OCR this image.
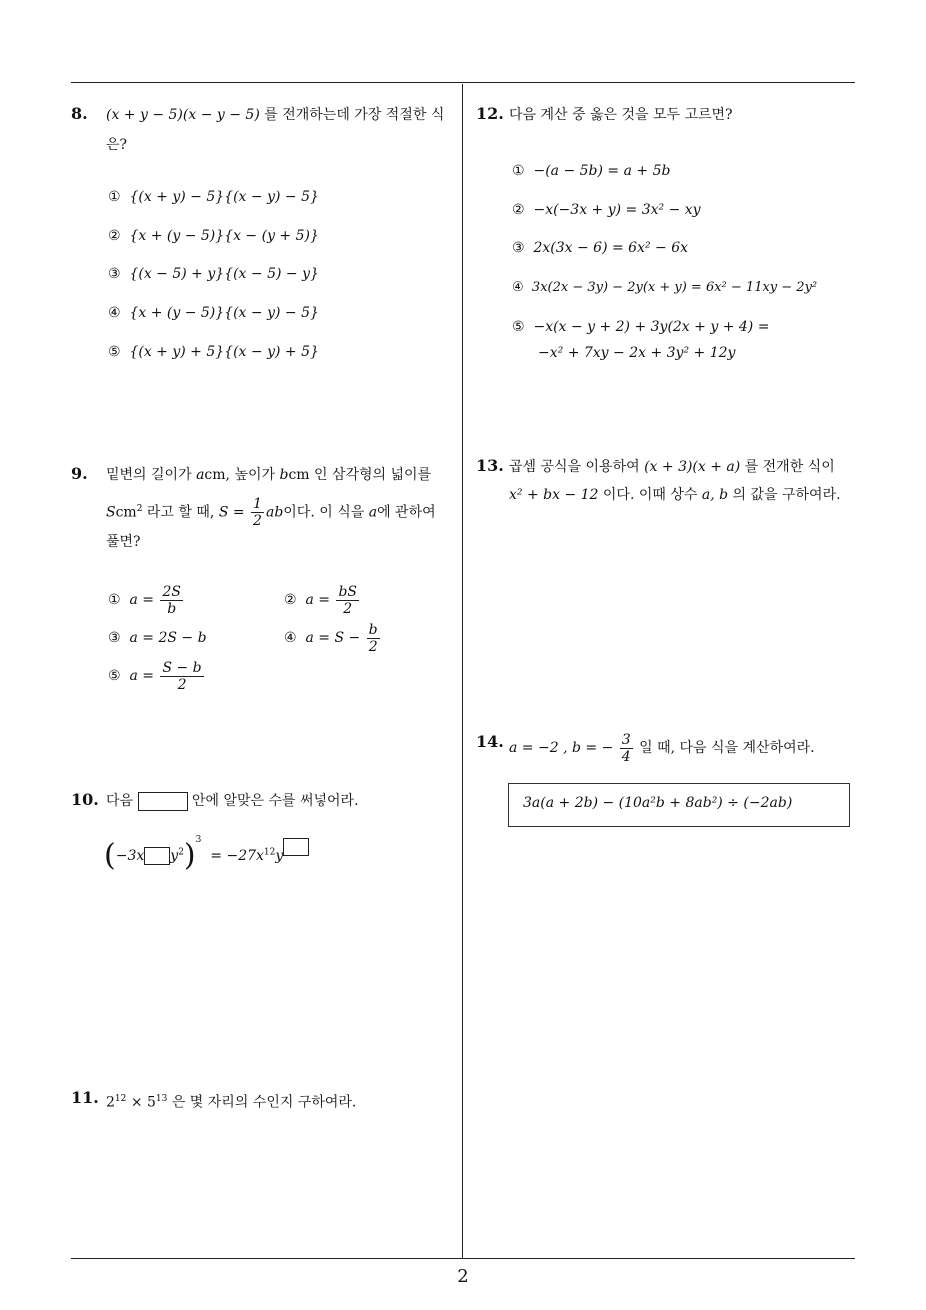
8. (x + y − 5)(x − y − 5) 를 전개하는데 가장 적절한 식
은?
① {(x + y) − 5}{(x − y) − 5}
② {x + (y − 5)}{x − (y + 5)}
③ {(x − 5) + y}{(x − 5) − y}
④ {x + (y − 5)}{(x − y) − 5}
⑤ {(x + y) + 5}{(x − y) + 5}
9. 밑변의 길이가 acm, 높이가 bcm 인 삼각형의 넓이를
Scm$^2$ 라고 할 때, $S = \frac{1}{2}$ ab이다. 이 식을 a에 관하여
풀면?
① $a = \frac{2S}{b}$	② $a = \frac{bS}{2}$
③ a = 2S − b	④ $a = S - \frac{b}{2}$
⑤ $a = \frac{S - b}{2}$
10. 다음	안에 알맞은 수를 써넣어라.
(−3x $y^2)^3 = -27x^{12}y$
11. $2^{12} \times 5^{13}$ 은 몇 자리의 수인지 구하여라.
12. 다음 계산 중 옳은 것을 모두 고르면?
① −(a − 5b) = a + 5b
② −x(−3x + y) = 3x² − xy
③ 2x(3x − 6) = 6x² − 6x
④ 3x(2x − 3y) − 2y(x + y) = 6x² − 11xy − 2y²
⑤ −x(x − y + 2) + 3y(2x + y + 4) =
−x² + 7xy − 2x + 3y² + 12y
13. 곱셈 공식을 이용하여 (x + 3)(x + a) 를 전개한 식이
x² + bx − 12 이다. 이때 상수 a, b 의 값을 구하여라.
14. a = −2 , b = − $\frac{3}{4}$ 일 때, 다음 식을 계산하여라.
3a(a + 2b) − (10a²b + 8ab²) ÷ (−2ab)
2
